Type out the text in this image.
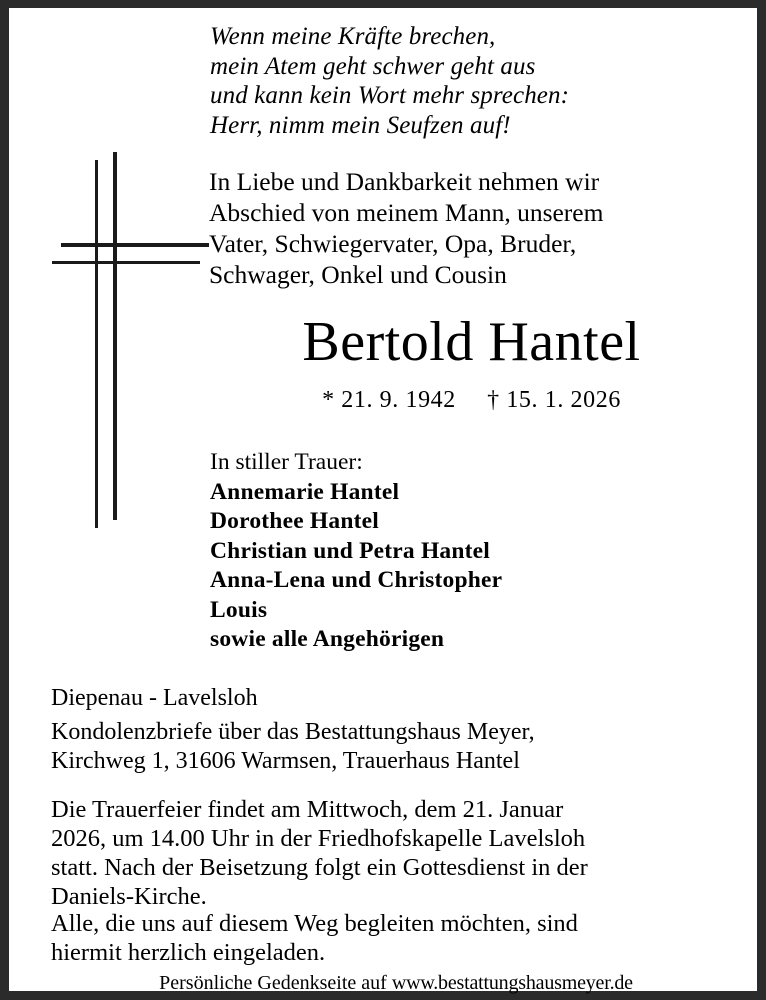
Wenn meine Kräfte brechen,
mein Atem geht schwer geht aus
und kann kein Wort mehr sprechen:
Herr, nimm mein Seufzen auf!
In Liebe und Dankbarkeit nehmen wir
Abschied von meinem Mann, unserem
Vater, Schwiegervater, Opa, Bruder,
Schwager, Onkel und Cousin
Bertold Hantel
* 21. 9. 1942 † 15. 1. 2026
In stiller Trauer:
Annemarie Hantel
Dorothee Hantel
Christian und Petra Hantel
Anna-Lena und Christopher
Louis
sowie alle Angehörigen
Diepenau - Lavelsloh
Kondolenzbriefe über das Bestattungshaus Meyer,
Kirchweg 1, 31606 Warmsen, Trauerhaus Hantel
Die Trauerfeier findet am Mittwoch, dem 21. Januar
2026, um 14.00 Uhr in der Friedhofskapelle Lavelsloh
statt. Nach der Beisetzung folgt ein Gottesdienst in der
Daniels-Kirche.
Alle, die uns auf diesem Weg begleiten möchten, sind
hiermit herzlich eingeladen.
Persönliche Gedenkseite auf www.bestattungshausmeyer.de
